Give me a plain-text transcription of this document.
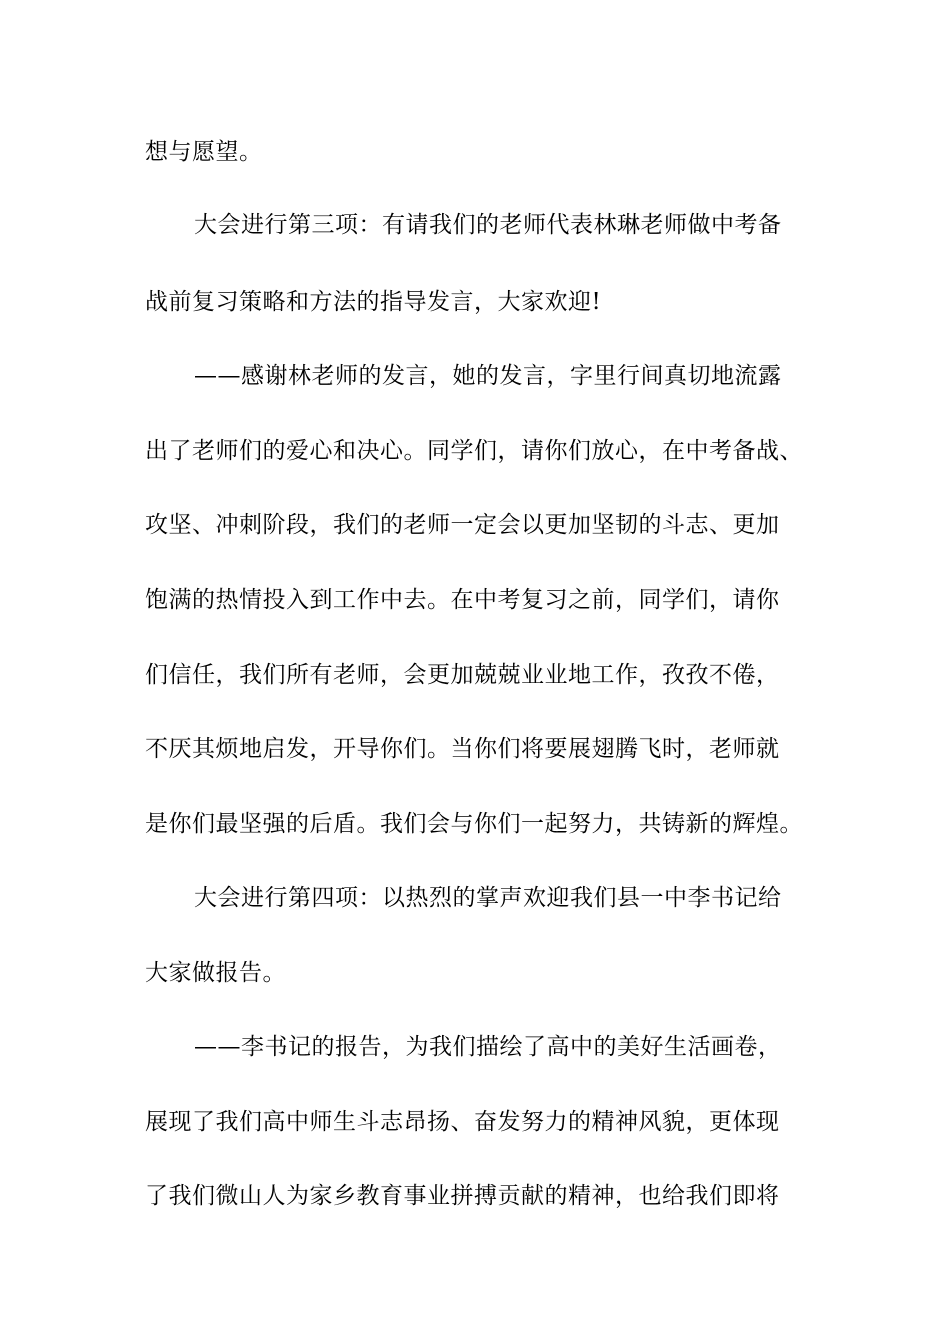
想与愿望。
大会进行第三项：有请我们的老师代表林琳老师做中考备
战前复习策略和方法的指导发言，大家欢迎!
——感谢林老师的发言，她的发言，字里行间真切地流露
出了老师们的爱心和决心。同学们，请你们放心，在中考备战、
攻坚、冲刺阶段，我们的老师一定会以更加坚韧的斗志、更加
饱满的热情投入到工作中去。在中考复习之前，同学们，请你
们信任，我们所有老师，会更加兢兢业业地工作，孜孜不倦，
不厌其烦地启发，开导你们。当你们将要展翅腾飞时，老师就
是你们最坚强的后盾。我们会与你们一起努力，共铸新的辉煌。
大会进行第四项：以热烈的掌声欢迎我们县一中李书记给
大家做报告。
——李书记的报告，为我们描绘了高中的美好生活画卷，
展现了我们高中师生斗志昂扬、奋发努力的精神风貌，更体现
了我们微山人为家乡教育事业拼搏贡献的精神，也给我们即将
